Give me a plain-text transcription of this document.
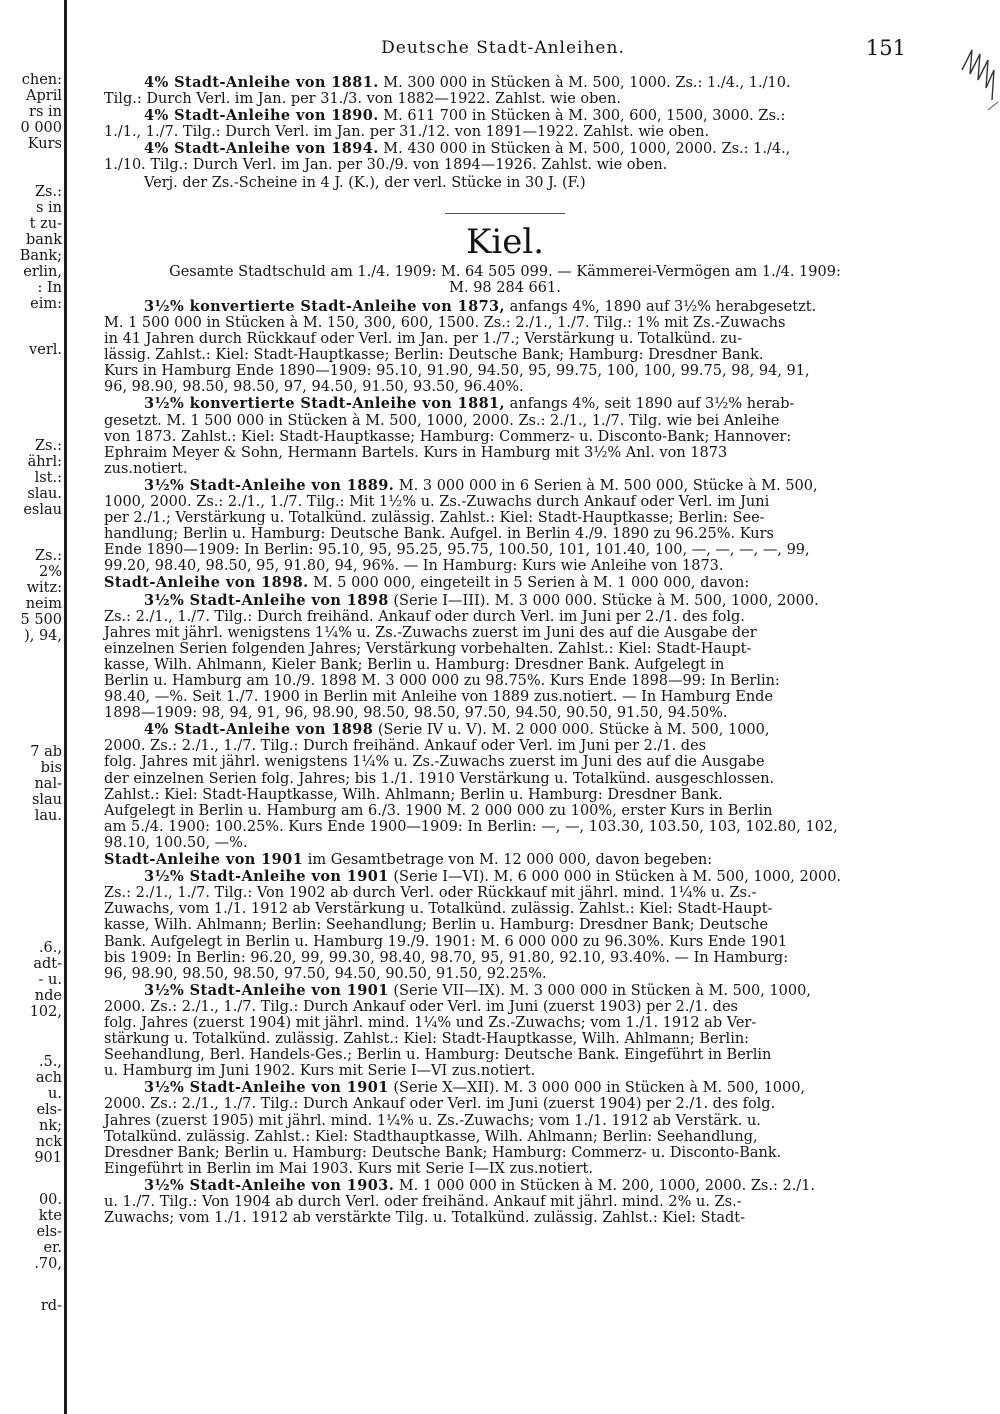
chen:
April
rs in
0 000
Kurs
Zs.:
s in
t zu-
bank
Bank;
erlin,
: In
eim:
verl.
Zs.:
ährl:
lst.:
slau.
eslau
Zs.:
2%
witz:
neim
5 500
), 94,
7 ab
bis
nal-
slau
lau.
.6.,
adt-
- u.
nde
102,
.5.,
ach
u.
els-
nk;
nck
901
00.
kte
els-
er.
.70,
rd-
Deutsche Stadt-Anleihen.	151

4% Stadt-Anleihe von 1881. M. 300 000 in Stücken à M. 500, 1000. Zs.: 1./4., 1./10.

Tilg.: Durch Verl. im Jan. per 31./3. von 1882—1922. Zahlst. wie oben.

4% Stadt-Anleihe von 1890. M. 611 700 in Stücken à M. 300, 600, 1500, 3000. Zs.:

1./1., 1./7. Tilg.: Durch Verl. im Jan. per 31./12. von 1891—1922. Zahlst. wie oben.

4% Stadt-Anleihe von 1894. M. 430 000 in Stücken à M. 500, 1000, 2000. Zs.: 1./4.,

1./10. Tilg.: Durch Verl. im Jan. per 30./9. von 1894—1926. Zahlst. wie oben.

Verj. der Zs.-Scheine in 4 J. (K.), der verl. Stücke in 30 J. (F.)

Kiel.

Gesamte Stadtschuld am 1./4. 1909: M. 64 505 099. — Kämmerei-Vermögen am 1./4. 1909:

M. 98 284 661.

3½% konvertierte Stadt-Anleihe von 1873, anfangs 4%, 1890 auf 3½% herabgesetzt.

M. 1 500 000 in Stücken à M. 150, 300, 600, 1500. Zs.: 2./1., 1./7. Tilg.: 1% mit Zs.-Zuwachs

in 41 Jahren durch Rückkauf oder Verl. im Jan. per 1./7.; Verstärkung u. Totalkünd. zu-

lässig. Zahlst.: Kiel: Stadt-Hauptkasse; Berlin: Deutsche Bank; Hamburg: Dresdner Bank.

Kurs in Hamburg Ende 1890—1909: 95.10, 91.90, 94.50, 95, 99.75, 100, 100, 99.75, 98, 94, 91,

96, 98.90, 98.50, 98.50, 97, 94.50, 91.50, 93.50, 96.40%.

3½% konvertierte Stadt-Anleihe von 1881, anfangs 4%, seit 1890 auf 3½% herab-

gesetzt. M. 1 500 000 in Stücken à M. 500, 1000, 2000. Zs.: 2./1., 1./7. Tilg. wie bei Anleihe

von 1873. Zahlst.: Kiel: Stadt-Hauptkasse; Hamburg: Commerz- u. Disconto-Bank; Hannover:

Ephraim Meyer & Sohn, Hermann Bartels. Kurs in Hamburg mit 3½% Anl. von 1873

zus.notiert.

3½% Stadt-Anleihe von 1889. M. 3 000 000 in 6 Serien à M. 500 000, Stücke à M. 500,

1000, 2000. Zs.: 2./1., 1./7. Tilg.: Mit 1½% u. Zs.-Zuwachs durch Ankauf oder Verl. im Juni

per 2./1.; Verstärkung u. Totalkünd. zulässig. Zahlst.: Kiel: Stadt-Hauptkasse; Berlin: See-

handlung; Berlin u. Hamburg: Deutsche Bank. Aufgel. in Berlin 4./9. 1890 zu 96.25%. Kurs

Ende 1890—1909: In Berlin: 95.10, 95, 95.25, 95.75, 100.50, 101, 101.40, 100, —, —, —, —, 99,

99.20, 98.40, 98.50, 95, 91.80, 94, 96%. — In Hamburg: Kurs wie Anleihe von 1873.

Stadt-Anleihe von 1898. M. 5 000 000, eingeteilt in 5 Serien à M. 1 000 000, davon:

3½% Stadt-Anleihe von 1898 (Serie I—III). M. 3 000 000. Stücke à M. 500, 1000, 2000.

Zs.: 2./1., 1./7. Tilg.: Durch freihänd. Ankauf oder durch Verl. im Juni per 2./1. des folg.

Jahres mit jährl. wenigstens 1¼% u. Zs.-Zuwachs zuerst im Juni des auf die Ausgabe der

einzelnen Serien folgenden Jahres; Verstärkung vorbehalten. Zahlst.: Kiel: Stadt-Haupt-

kasse, Wilh. Ahlmann, Kieler Bank; Berlin u. Hamburg: Dresdner Bank. Aufgelegt in

Berlin u. Hamburg am 10./9. 1898 M. 3 000 000 zu 98.75%. Kurs Ende 1898—99: In Berlin:

98.40, —%. Seit 1./7. 1900 in Berlin mit Anleihe von 1889 zus.notiert. — In Hamburg Ende

1898—1909: 98, 94, 91, 96, 98.90, 98.50, 98.50, 97.50, 94.50, 90.50, 91.50, 94.50%.

4% Stadt-Anleihe von 1898 (Serie IV u. V). M. 2 000 000. Stücke à M. 500, 1000,

2000. Zs.: 2./1., 1./7. Tilg.: Durch freihänd. Ankauf oder Verl. im Juni per 2./1. des

folg. Jahres mit jährl. wenigstens 1¼% u. Zs.-Zuwachs zuerst im Juni des auf die Ausgabe

der einzelnen Serien folg. Jahres; bis 1./1. 1910 Verstärkung u. Totalkünd. ausgeschlossen.

Zahlst.: Kiel: Stadt-Hauptkasse, Wilh. Ahlmann; Berlin u. Hamburg: Dresdner Bank.

Aufgelegt in Berlin u. Hamburg am 6./3. 1900 M. 2 000 000 zu 100%, erster Kurs in Berlin

am 5./4. 1900: 100.25%. Kurs Ende 1900—1909: In Berlin: —, —, 103.30, 103.50, 103, 102.80, 102,

98.10, 100.50, —%.

Stadt-Anleihe von 1901 im Gesamtbetrage von M. 12 000 000, davon begeben:

3½% Stadt-Anleihe von 1901 (Serie I—VI). M. 6 000 000 in Stücken à M. 500, 1000, 2000.

Zs.: 2./1., 1./7. Tilg.: Von 1902 ab durch Verl. oder Rückkauf mit jährl. mind. 1¼% u. Zs.-

Zuwachs, vom 1./1. 1912 ab Verstärkung u. Totalkünd. zulässig. Zahlst.: Kiel: Stadt-Haupt-

kasse, Wilh. Ahlmann; Berlin: Seehandlung; Berlin u. Hamburg: Dresdner Bank; Deutsche

Bank. Aufgelegt in Berlin u. Hamburg 19./9. 1901: M. 6 000 000 zu 96.30%. Kurs Ende 1901

bis 1909: In Berlin: 96.20, 99, 99.30, 98.40, 98.70, 95, 91.80, 92.10, 93.40%. — In Hamburg:

96, 98.90, 98.50, 98.50, 97.50, 94.50, 90.50, 91.50, 92.25%.

3½% Stadt-Anleihe von 1901 (Serie VII—IX). M. 3 000 000 in Stücken à M. 500, 1000,

2000. Zs.: 2./1., 1./7. Tilg.: Durch Ankauf oder Verl. im Juni (zuerst 1903) per 2./1. des

folg. Jahres (zuerst 1904) mit jährl. mind. 1¼% und Zs.-Zuwachs; vom 1./1. 1912 ab Ver-

stärkung u. Totalkünd. zulässig. Zahlst.: Kiel: Stadt-Hauptkasse, Wilh. Ahlmann; Berlin:

Seehandlung, Berl. Handels-Ges.; Berlin u. Hamburg: Deutsche Bank. Eingeführt in Berlin

u. Hamburg im Juni 1902. Kurs mit Serie I—VI zus.notiert.

3½% Stadt-Anleihe von 1901 (Serie X—XII). M. 3 000 000 in Stücken à M. 500, 1000,

2000. Zs.: 2./1., 1./7. Tilg.: Durch Ankauf oder Verl. im Juni (zuerst 1904) per 2./1. des folg.

Jahres (zuerst 1905) mit jährl. mind. 1¼% u. Zs.-Zuwachs; vom 1./1. 1912 ab Verstärk. u.

Totalkünd. zulässig. Zahlst.: Kiel: Stadthauptkasse, Wilh. Ahlmann; Berlin: Seehandlung,

Dresdner Bank; Berlin u. Hamburg: Deutsche Bank; Hamburg: Commerz- u. Disconto-Bank.

Eingeführt in Berlin im Mai 1903. Kurs mit Serie I—IX zus.notiert.

3½% Stadt-Anleihe von 1903. M. 1 000 000 in Stücken à M. 200, 1000, 2000. Zs.: 2./1.

u. 1./7. Tilg.: Von 1904 ab durch Verl. oder freihänd. Ankauf mit jährl. mind. 2% u. Zs.-

Zuwachs; vom 1./1. 1912 ab verstärkte Tilg. u. Totalkünd. zulässig. Zahlst.: Kiel: Stadt-
